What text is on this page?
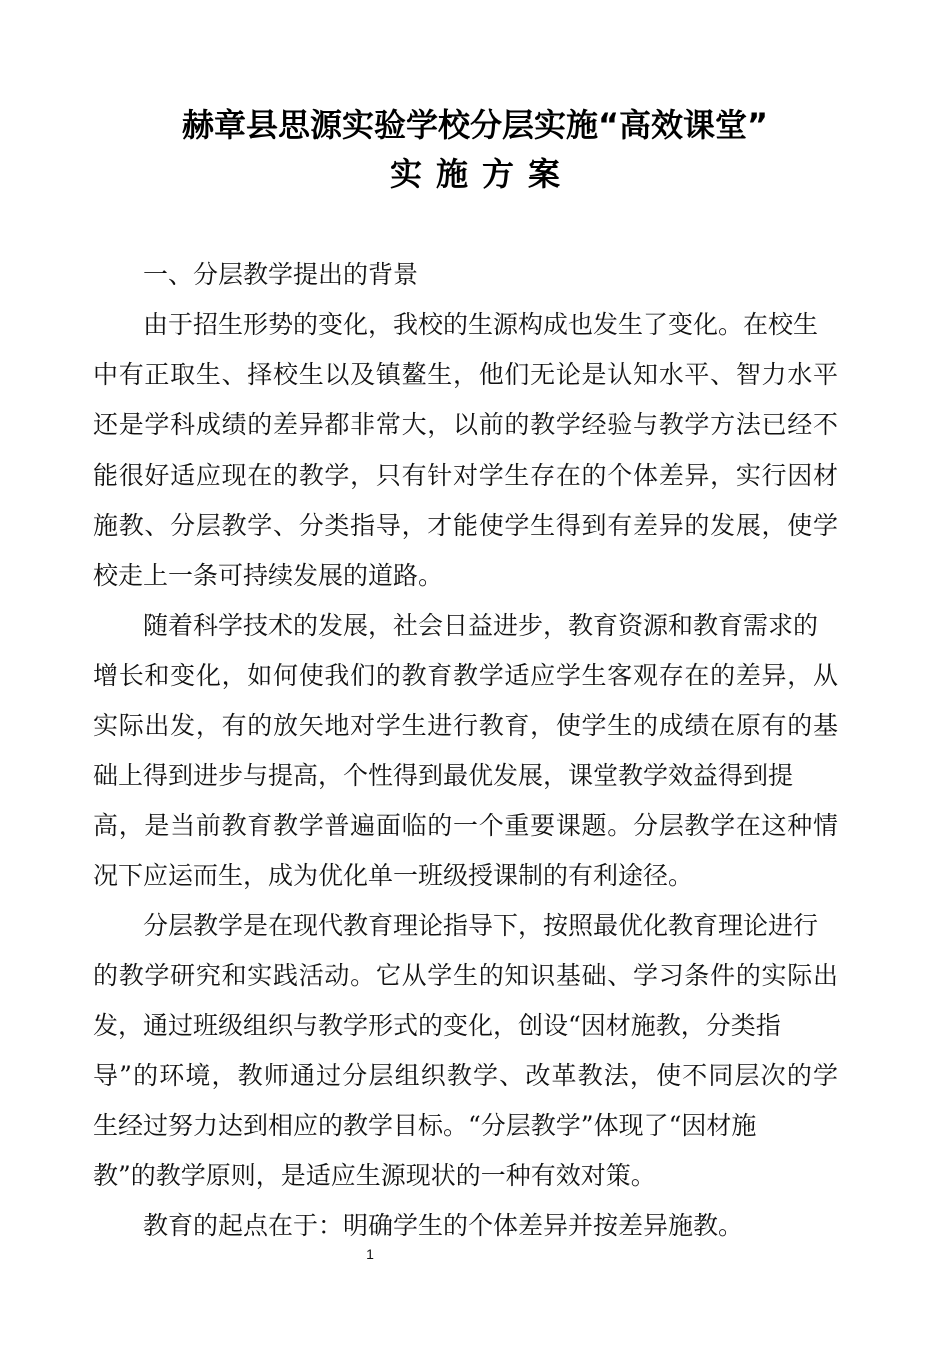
赫章县思源实验学校分层实施“高效课堂”
实施方案
一、分层教学提出的背景
由于招生形势的变化，我校的生源构成也发生了变化。在校生
中有正取生、择校生以及镇鳌生，他们无论是认知水平、智力水平
还是学科成绩的差异都非常大，以前的教学经验与教学方法已经不
能很好适应现在的教学，只有针对学生存在的个体差异，实行因材
施教、分层教学、分类指导，才能使学生得到有差异的发展，使学
校走上一条可持续发展的道路。
随着科学技术的发展，社会日益进步，教育资源和教育需求的
增长和变化，如何使我们的教育教学适应学生客观存在的差异，从
实际出发，有的放矢地对学生进行教育，使学生的成绩在原有的基
础上得到进步与提高，个性得到最优发展，课堂教学效益得到提
高，是当前教育教学普遍面临的一个重要课题。分层教学在这种情
况下应运而生，成为优化单一班级授课制的有利途径。
分层教学是在现代教育理论指导下，按照最优化教育理论进行
的教学研究和实践活动。它从学生的知识基础、学习条件的实际出
发，通过班级组织与教学形式的变化，创设“因材施教，分类指
导”的环境，教师通过分层组织教学、改革教法，使不同层次的学
生经过努力达到相应的教学目标。“分层教学”体现了“因材施
教”的教学原则，是适应生源现状的一种有效对策。
教育的起点在于：明确学生的个体差异并按差异施教。
1
